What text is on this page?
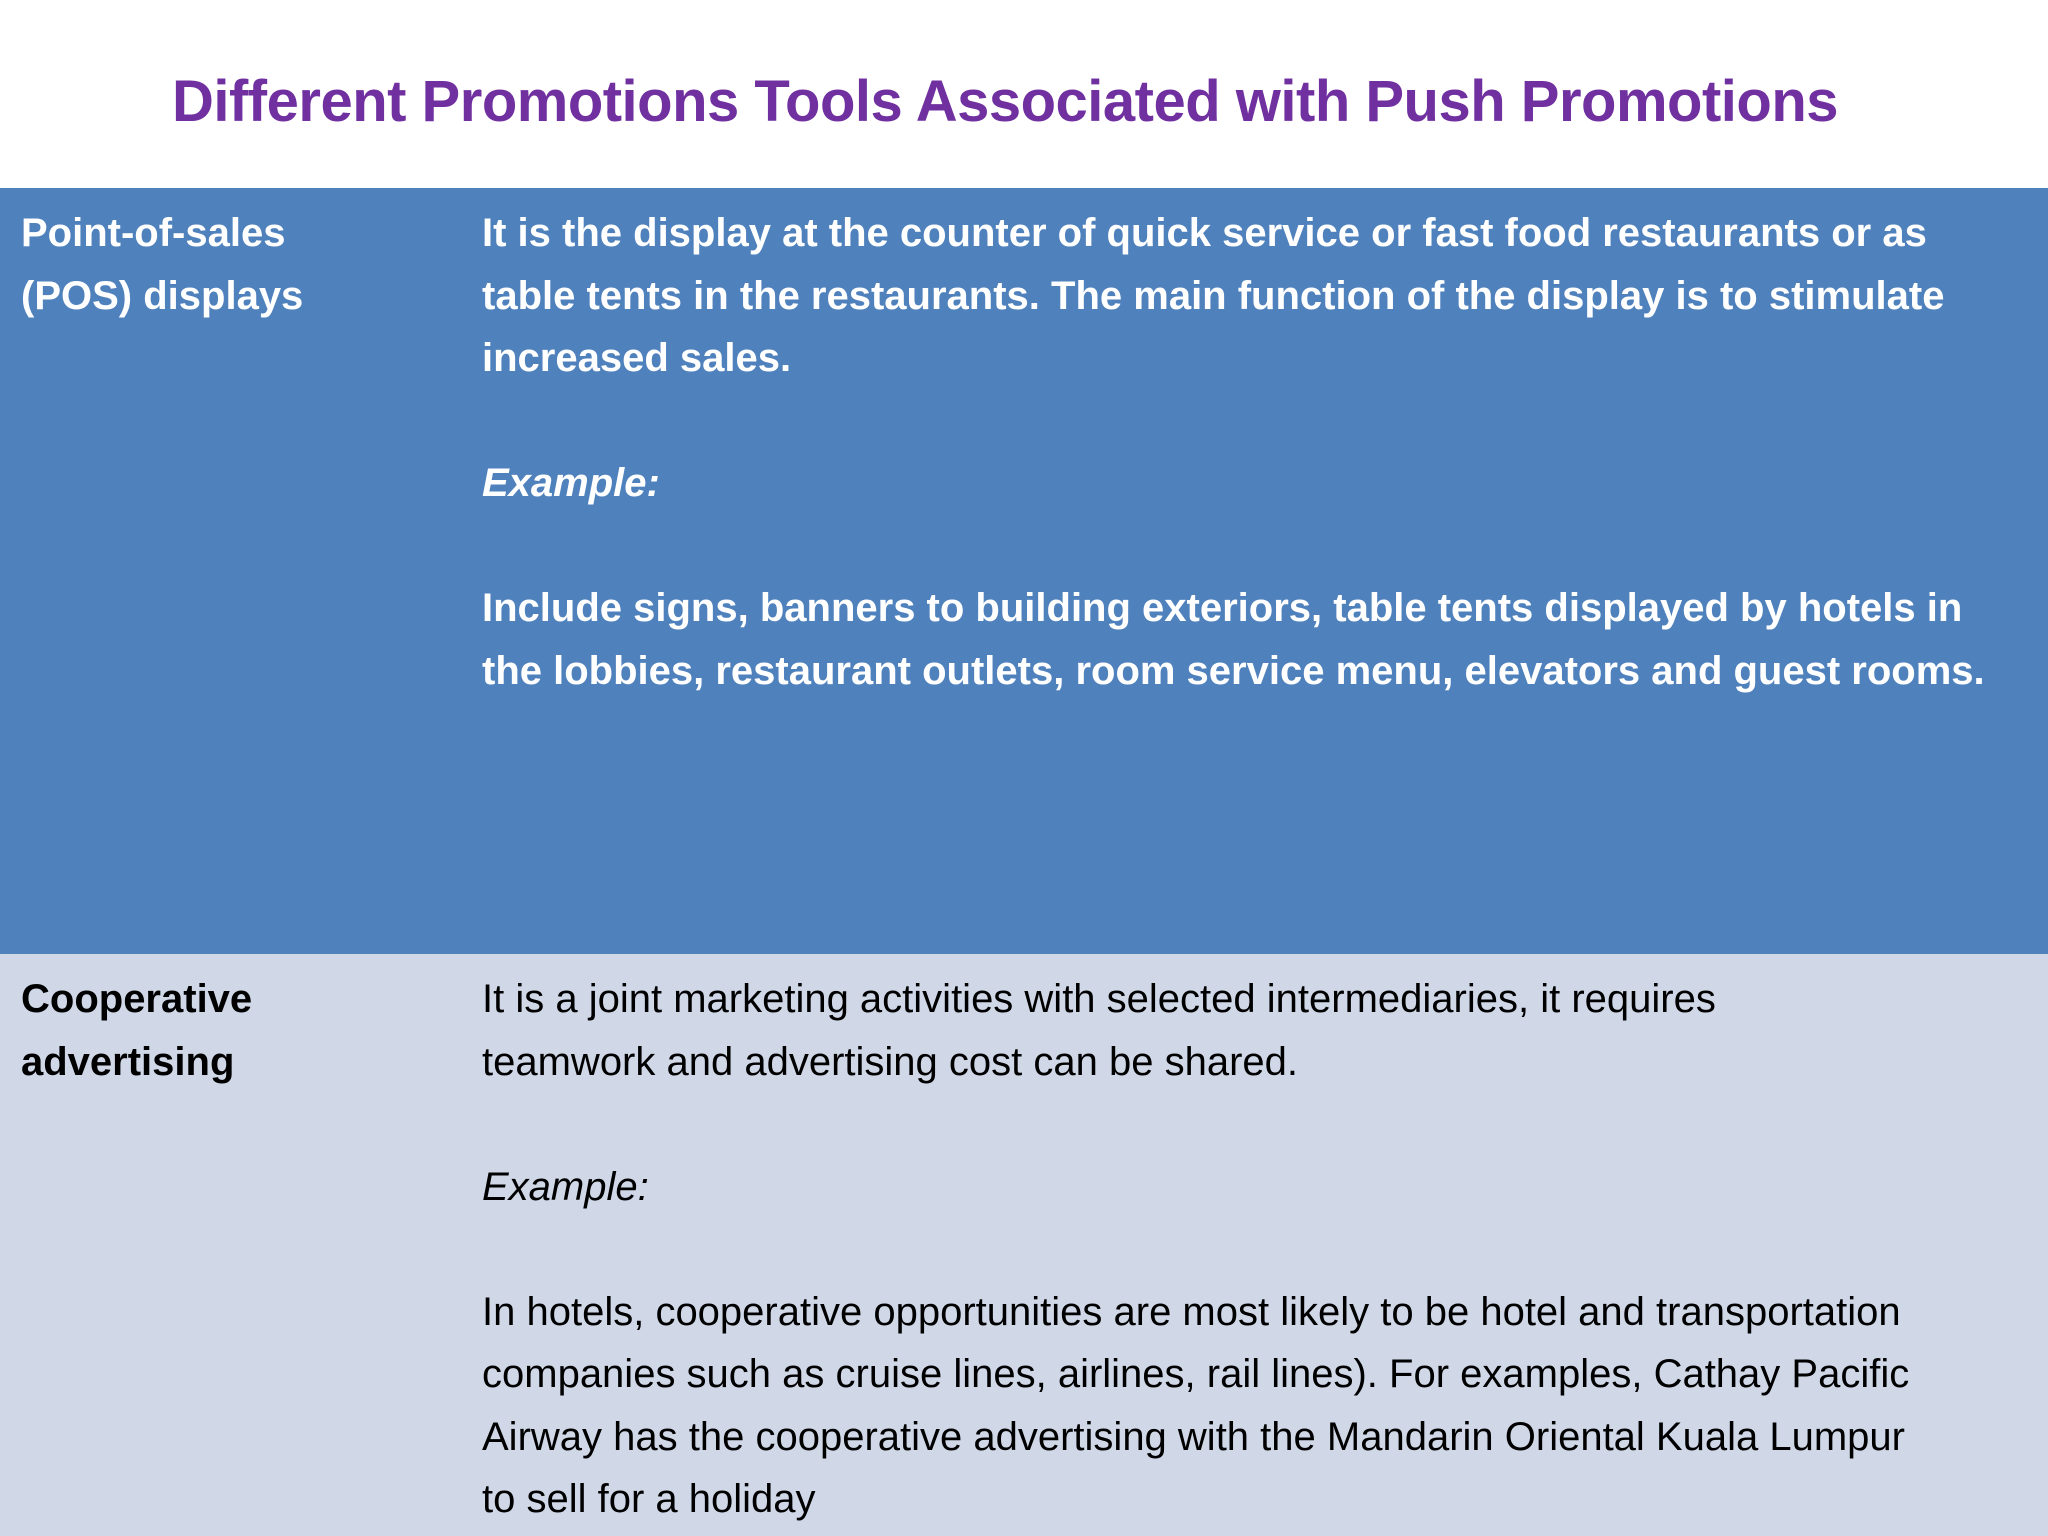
Different Promotions Tools Associated with Push Promotions
Point-of-sales (POS) displays

It is the display at the counter of quick service or fast food restaurants or as table tents in the restaurants. The main function of the display is to stimulate increased sales.

Example:

Include signs, banners to building exteriors, table tents displayed by hotels in the lobbies, restaurant outlets, room service menu, elevators and guest rooms.

Cooperative advertising

It is a joint marketing activities with selected intermediaries, it requires teamwork and advertising cost can be shared.

Example:

In hotels, cooperative opportunities are most likely to be hotel and transportation companies such as cruise lines, airlines, rail lines). For examples, Cathay Pacific Airway has the cooperative advertising with the Mandarin Oriental Kuala Lumpur to sell for a holiday
